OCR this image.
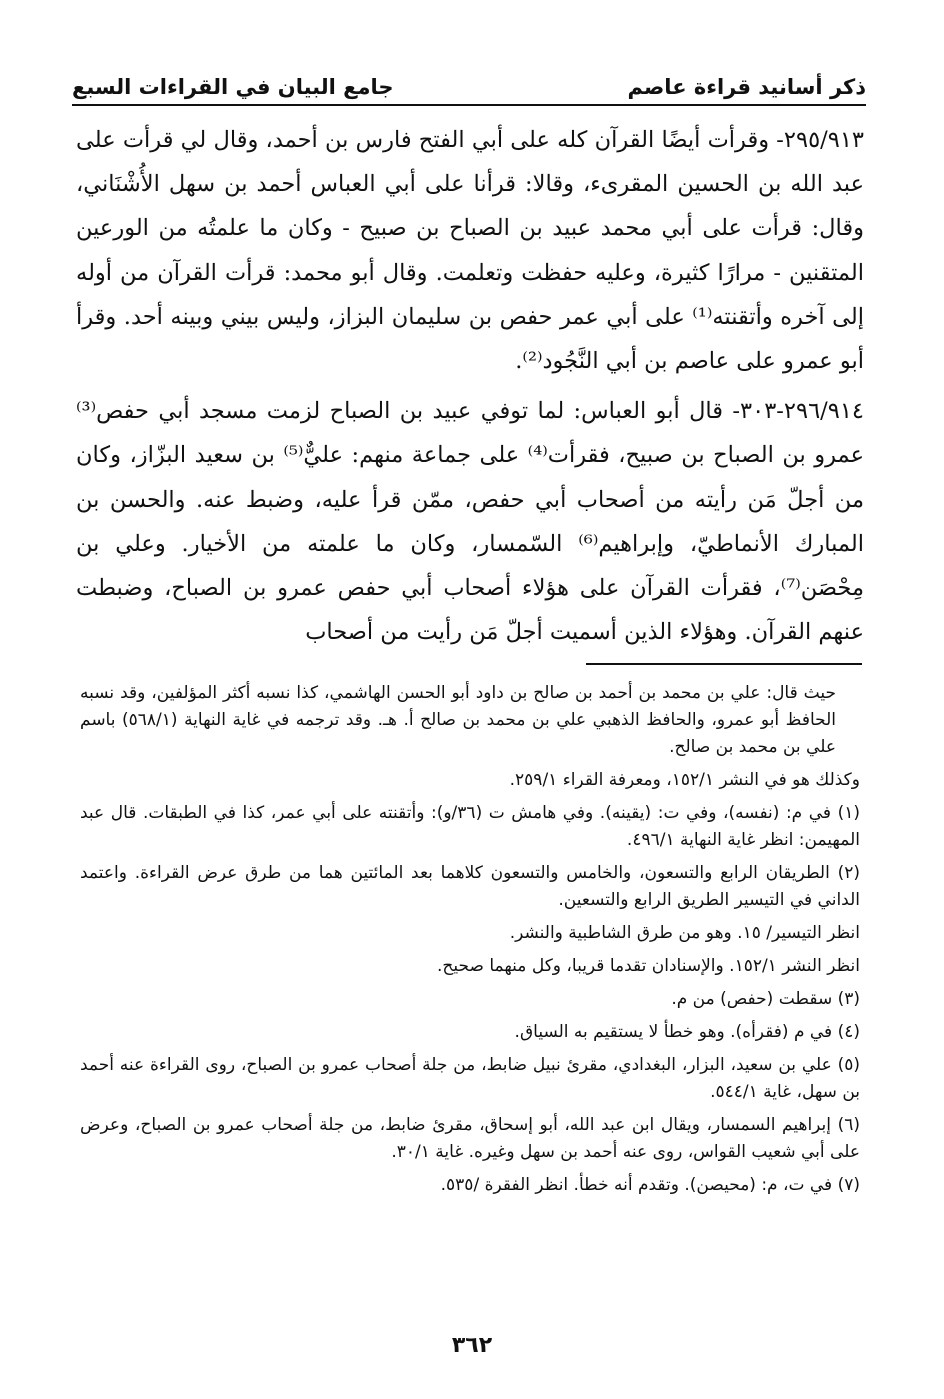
ذكر أسانيد قراءة عاصم
جامع البيان في القراءات السبع

٢٩٥/٩١٣- وقرأت أيضًا القرآن كله على أبي الفتح فارس بن أحمد، وقال لي قرأت على عبد الله بن الحسين المقرىء، وقالا: قرأنا على أبي العباس أحمد بن سهل الأُشْنَاني، وقال: قرأت على أبي محمد عبيد بن الصباح بن صبيح - وكان ما علمتُه من الورعين المتقنين - مرارًا كثيرة، وعليه حفظت وتعلمت. وقال أبو محمد: قرأت القرآن من أوله إلى آخره وأتقنته⁽¹⁾ على أبي عمر حفص بن سليمان البزاز، وليس بيني وبينه أحد. وقرأ أبو عمرو على عاصم بن أبي النَّجُود⁽²⁾.

٢٩٦/٩١٤-٣٠٣- قال أبو العباس: لما توفي عبيد بن الصباح لزمت مسجد أبي حفص⁽³⁾ عمرو بن الصباح بن صبيح، فقرأت⁽⁴⁾ على جماعة منهم: عليٌّ⁽⁵⁾ بن سعيد البزّاز، وكان من أجلّ مَن رأيته من أصحاب أبي حفص، ممّن قرأ عليه، وضبط عنه. والحسن بن المبارك الأنماطيّ، وإبراهيم⁽⁶⁾ السّمسار، وكان ما علمته من الأخيار. وعلي بن مِحْصَن⁽⁷⁾، فقرأت القرآن على هؤلاء أصحاب أبي حفص عمرو بن الصباح، وضبطت عنهم القرآن. وهؤلاء الذين أسميت أجلّ مَن رأيت من أصحاب

حيث قال: علي بن محمد بن أحمد بن صالح بن داود أبو الحسن الهاشمي، كذا نسبه أكثر المؤلفين، وقد نسبه الحافظ أبو عمرو، والحافظ الذهبي علي بن محمد بن صالح أ. هـ. وقد ترجمه في غاية النهاية (٥٦٨/١) باسم علي بن محمد بن صالح.

وكذلك هو في النشر ١٥٢/١، ومعرفة القراء ٢٥٩/١.

(١) في م: (نفسه)، وفي ت: (يقينه). وفي هامش ت (٣٦/و): وأتقنته على أبي عمر، كذا في الطبقات. قال عبد المهيمن: انظر غاية النهاية ٤٩٦/١.

(٢) الطريقان الرابع والتسعون، والخامس والتسعون كلاهما بعد المائتين هما من طرق عرض القراءة. واعتمد الداني في التيسير الطريق الرابع والتسعين.

انظر التيسير/ ١٥. وهو من طرق الشاطبية والنشر.

انظر النشر ١٥٢/١. والإسنادان تقدما قريبا، وكل منهما صحيح.

(٣) سقطت (حفص) من م.

(٤) في م (فقرأه). وهو خطأ لا يستقيم به السياق.

(٥) علي بن سعيد، البزار، البغدادي، مقرئ نبيل ضابط، من جلة أصحاب عمرو بن الصباح، روى القراءة عنه أحمد بن سهل، غاية ٥٤٤/١.

(٦) إبراهيم السمسار، ويقال ابن عبد الله، أبو إسحاق، مقرئ ضابط، من جلة أصحاب عمرو بن الصباح، وعرض على أبي شعيب القواس، روى عنه أحمد بن سهل وغيره. غاية ٣٠/١.

(٧) في ت، م: (محيصن). وتقدم أنه خطأ. انظر الفقرة /٥٣٥.

٣٦٢
